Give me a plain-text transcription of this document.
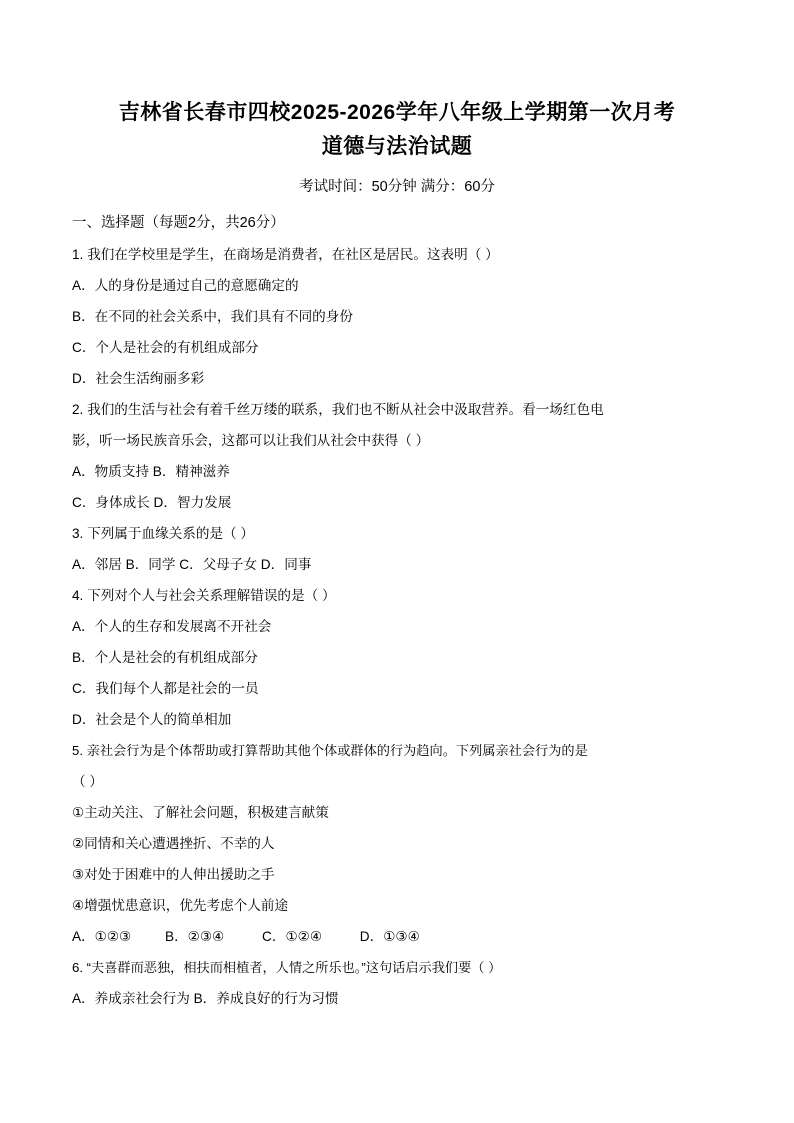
吉林省长春市四校2025-2026学年八年级上学期第一次月考
道德与法治试题
考试时间：50分钟 满分：60分
一、选择题（每题2分，共26分）
1. 我们在学校里是学生，在商场是消费者，在社区是居民。这表明（ ）
A．人的身份是通过自己的意愿确定的
B．在不同的社会关系中，我们具有不同的身份
C．个人是社会的有机组成部分
D．社会生活绚丽多彩
2. 我们的生活与社会有着千丝万缕的联系，我们也不断从社会中汲取营养。看一场红色电
影，听一场民族音乐会，这都可以让我们从社会中获得（ ）
A．物质支持 B．精神滋养
C．身体成长 D．智力发展
3. 下列属于血缘关系的是（ ）
A．邻居 B．同学 C．父母子女 D．同事
4. 下列对个人与社会关系理解错误的是（ ）
A．个人的生存和发展离不开社会
B．个人是社会的有机组成部分
C．我们每个人都是社会的一员
D．社会是个人的简单相加
5. 亲社会行为是个体帮助或打算帮助其他个体或群体的行为趋向。下列属亲社会行为的是
（ ）
①主动关注、了解社会问题，积极建言献策
②同情和关心遭遇挫折、不幸的人
③对处于困难中的人伸出援助之手
④增强忧患意识，优先考虑个人前途
A．①②③ B．②③④	C．①②④	D．①③④
6. “夫喜群而恶独，相扶而相植者，人情之所乐也。”这句话启示我们要（ ）
A．养成亲社会行为 B．养成良好的行为习惯
